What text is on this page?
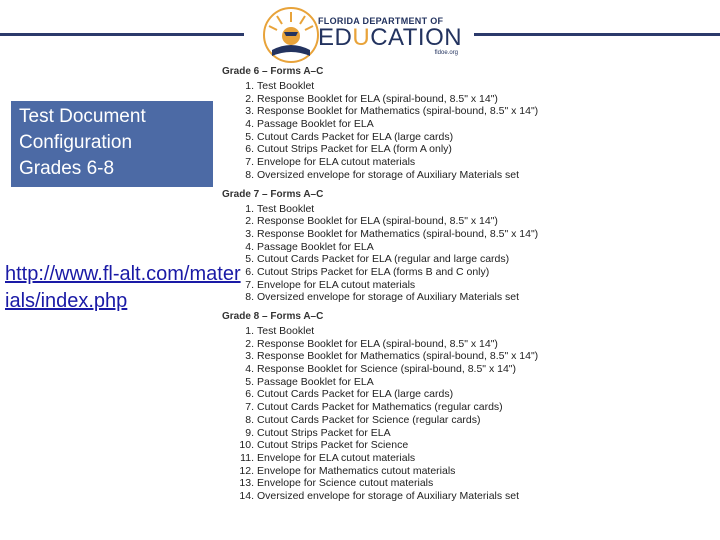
FLORIDA DEPARTMENT OF
EDUCATION
fldoe.org
Test Document
Configuration
Grades 6-8
http://www.fl-alt.com/materials/index.php
Grade 6 – Forms A–C
1. Test Booklet
2. Response Booklet for ELA (spiral-bound, 8.5" x 14")
3. Response Booklet for Mathematics (spiral-bound, 8.5" x 14")
4. Passage Booklet for ELA
5. Cutout Cards Packet for ELA (large cards)
6. Cutout Strips Packet for ELA (form A only)
7. Envelope for ELA cutout materials
8. Oversized envelope for storage of Auxiliary Materials set
Grade 7 – Forms A–C
1. Test Booklet
2. Response Booklet for ELA (spiral-bound, 8.5" x 14")
3. Response Booklet for Mathematics (spiral-bound, 8.5" x 14")
4. Passage Booklet for ELA
5. Cutout Cards Packet for ELA (regular and large cards)
6. Cutout Strips Packet for ELA (forms B and C only)
7. Envelope for ELA cutout materials
8. Oversized envelope for storage of Auxiliary Materials set
Grade 8 – Forms A–C
1. Test Booklet
2. Response Booklet for ELA (spiral-bound, 8.5" x 14")
3. Response Booklet for Mathematics (spiral-bound, 8.5" x 14")
4. Response Booklet for Science (spiral-bound, 8.5" x 14")
5. Passage Booklet for ELA
6. Cutout Cards Packet for ELA (large cards)
7. Cutout Cards Packet for Mathematics (regular cards)
8. Cutout Cards Packet for Science (regular cards)
9. Cutout Strips Packet for ELA
10. Cutout Strips Packet for Science
11. Envelope for ELA cutout materials
12. Envelope for Mathematics cutout materials
13. Envelope for Science cutout materials
14. Oversized envelope for storage of Auxiliary Materials set
